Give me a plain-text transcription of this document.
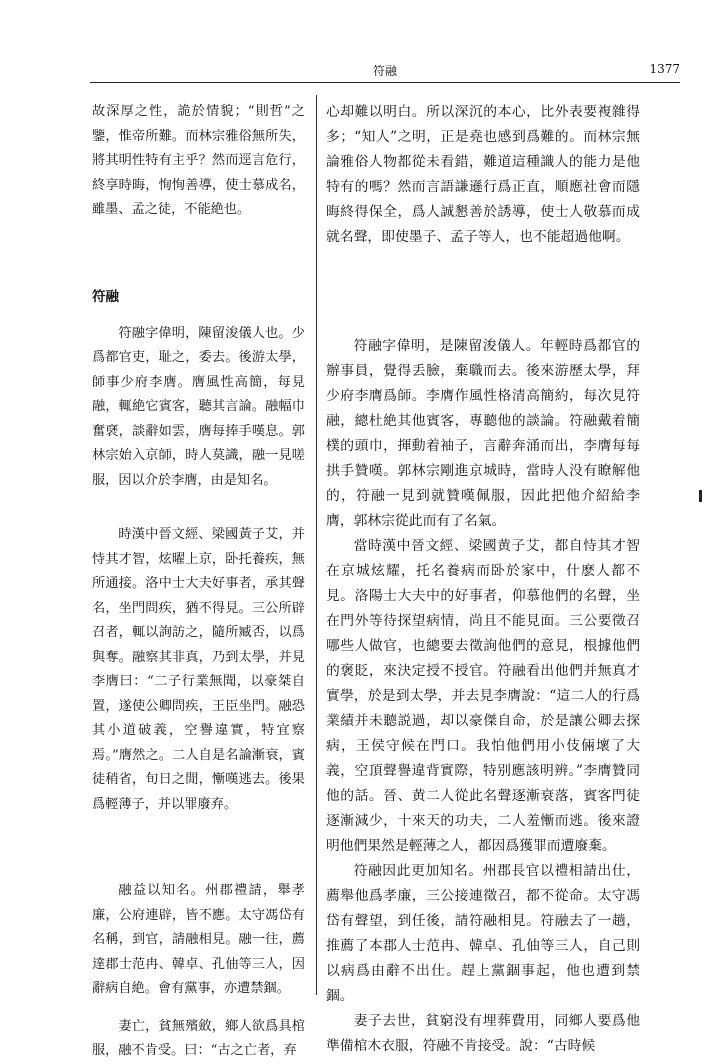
符融	1377

故深厚之性，詭於情貌；“則哲”之鑒，惟帝所難。而林宗雅俗無所失，將其明性特有主乎？然而逕言危行，終享時晦，恂恂善導，使士慕成名，雖墨、孟之徒，不能絶也。

符融

符融字偉明，陳留浚儀人也。少爲都官吏，耻之，委去。後游太學，師事少府李膺。膺風性高簡，每見融，輒絶它賓客，聽其言論。融幅巾奮褎，談辭如雲，膺每捧手嘆息。郭林宗始入京師，時人莫識，融一見嗟服，因以介於李膺，由是知名。

時漢中晉文經、梁國黃子艾，并恃其才智，炫曜上京，卧托養疾，無所通接。洛中士大夫好事者，承其聲名，坐門問疾，猶不得見。三公所辟召者，輒以詢訪之，隨所臧否，以爲與奪。融察其非真，乃到太學，并見李膺曰：“二子行業無聞，以豪桀自置，遂使公卿問疾，王臣坐門。融恐其小道破義，空譽違實，特宜察焉。”膺然之。二人自是名論漸衰，賓徒稍省，旬日之閒，慚嘆逃去。後果爲輕薄子，并以罪廢弃。

融益以知名。州郡禮請，舉孝廉，公府連辟，皆不應。太守馮岱有名稱，到官，請融相見。融一往，薦達郡士范冉、韓卓、孔伷等三人，因辭病自絶。會有黨事，亦遭禁錮。

妻亡，貧無殯斂，鄉人欲爲具棺服，融不肯受。曰：“古之亡者，弃

心却難以明白。所以深沉的本心，比外表要複雜得多；“知人”之明，正是堯也感到爲難的。而林宗無論雅俗人物都從未看錯，難道這種識人的能力是他特有的嗎？然而言語謙遜行爲正直，順應社會而隱晦終得保全，爲人誠懇善於誘導，使士人敬慕而成就名聲，即使墨子、孟子等人，也不能超過他啊。

符融字偉明，是陳留浚儀人。年輕時爲都官的辦事員，覺得丢臉，棄職而去。後來游歷太學，拜少府李膺爲師。李膺作風性格清高簡約，每次見符融，總杜絶其他賓客，專聽他的談論。符融戴着簡樸的頭巾，揮動着袖子，言辭奔涌而出，李膺每每拱手贊嘆。郭林宗剛進京城時，當時人没有瞭解他的，符融一見到就贊嘆佩服，因此把他介紹給李膺，郭林宗從此而有了名氣。

當時漢中晉文經、梁國黄子艾，都自恃其才智在京城炫耀，托名養病而卧於家中，什麽人都不見。洛陽士大夫中的好事者，仰慕他們的名聲，坐在門外等待探望病情，尚且不能見面。三公要徵召哪些人做官，也總要去徵詢他們的意見，根據他們的褒貶，來決定授不授官。符融看出他們并無真才實學，於是到太學，并去見李膺說：“這二人的行爲業績并未聽説過，却以豪傑自命，於是讓公卿去探病，王侯守候在門口。我怕他們用小伎倆壞了大義，空頂聲譽違背實際，特别應該明辨。”李膺贊同他的話。晉、黄二人從此名聲逐漸衰落，賓客門徒逐漸減少，十來天的功夫，二人羞慚而逃。後來證明他們果然是輕薄之人，都因爲獲罪而遭廢棄。

符融因此更加知名。州郡長官以禮相請出仕，薦舉他爲孝廉，三公接連徵召，都不從命。太守馮岱有聲望，到任後，請符融相見。符融去了一趟，推薦了本郡人士范冉、韓卓、孔伷等三人，自己則以病爲由辭不出仕。趕上黨錮事起，他也遭到禁錮。

妻子去世，貧窮没有埋葬費用，同鄉人要爲他準備棺木衣服，符融不肯接受。說：“古時候
